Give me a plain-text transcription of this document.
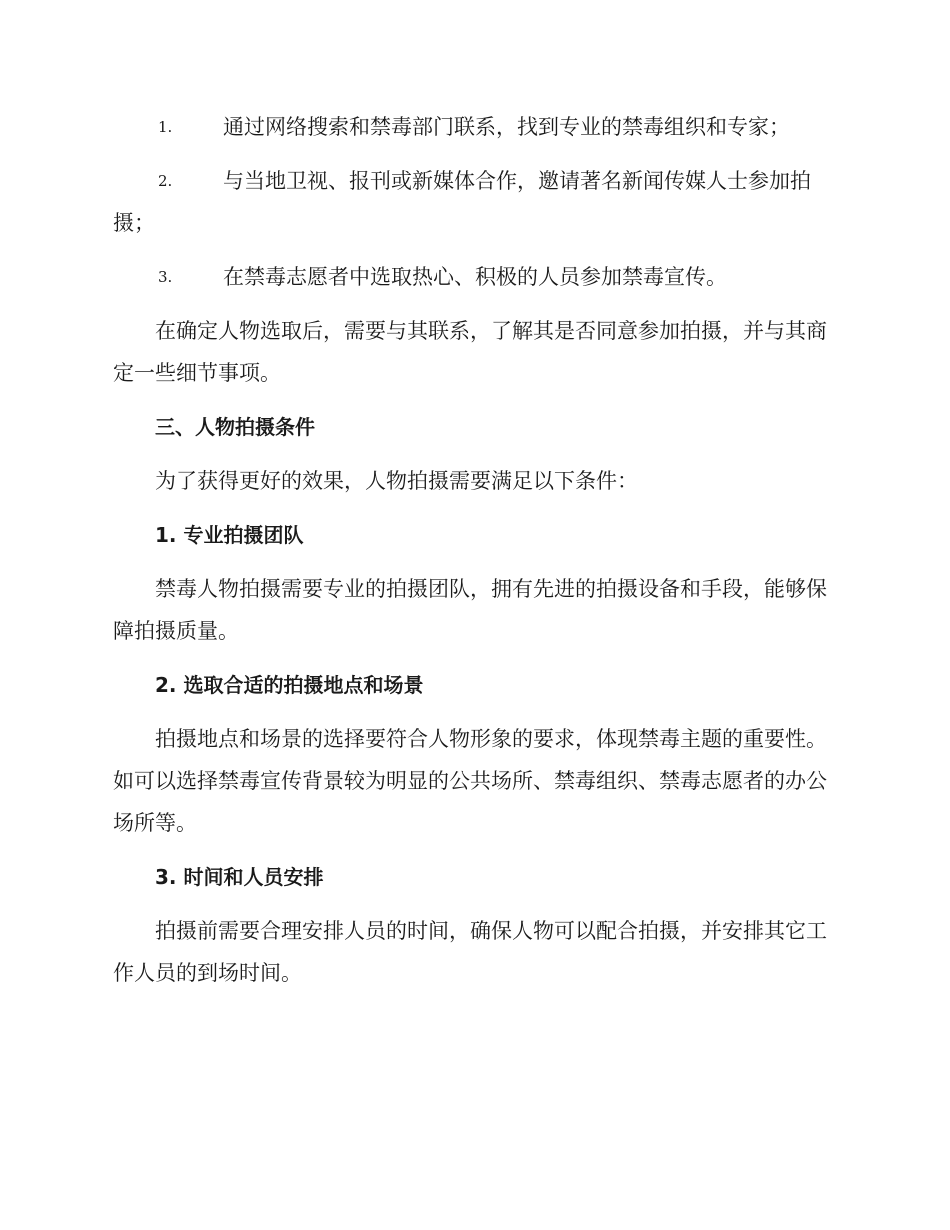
1.	通过网络搜索和禁毒部门联系，找到专业的禁毒组织和专家；
2.	与当地卫视、报刊或新媒体合作，邀请著名新闻传媒人士参加拍摄；
3.	在禁毒志愿者中选取热心、积极的人员参加禁毒宣传。

在确定人物选取后，需要与其联系，了解其是否同意参加拍摄，并与其商定一些细节事项。

三、人物拍摄条件

为了获得更好的效果，人物拍摄需要满足以下条件：

1. 专业拍摄团队

禁毒人物拍摄需要专业的拍摄团队，拥有先进的拍摄设备和手段，能够保障拍摄质量。

2. 选取合适的拍摄地点和场景

拍摄地点和场景的选择要符合人物形象的要求，体现禁毒主题的重要性。如可以选择禁毒宣传背景较为明显的公共场所、禁毒组织、禁毒志愿者的办公场所等。

3. 时间和人员安排

拍摄前需要合理安排人员的时间，确保人物可以配合拍摄，并安排其它工作人员的到场时间。
